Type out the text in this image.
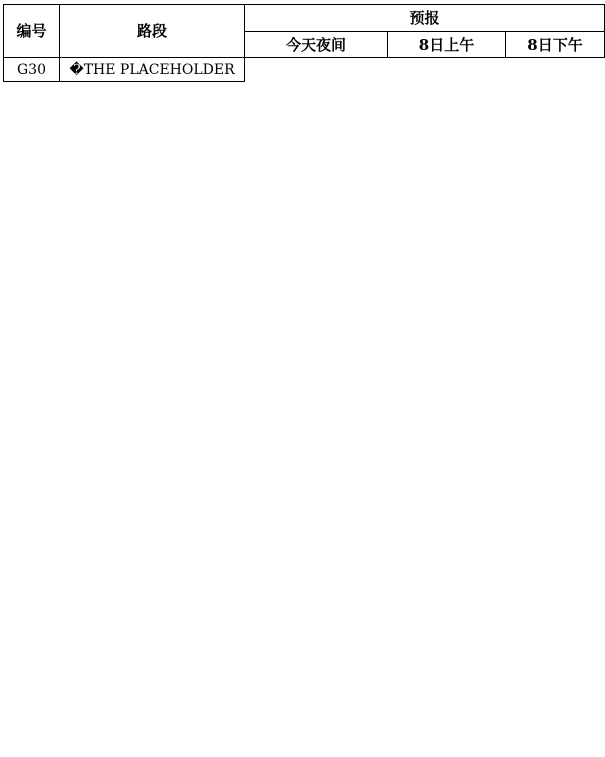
编号	路段	预报		
		今天夜间	8日上午	8日下午
G30	�THE PLACEHOLDER			
